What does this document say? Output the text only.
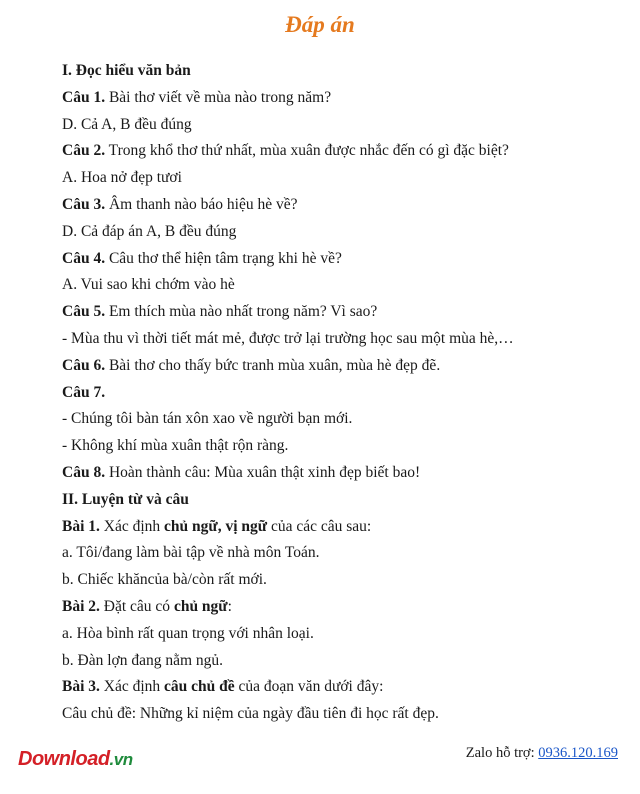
Đáp án
I. Đọc hiểu văn bản
Câu 1. Bài thơ viết về mùa nào trong năm?
D. Cả A, B đều đúng
Câu 2. Trong khổ thơ thứ nhất, mùa xuân được nhắc đến có gì đặc biệt?
A. Hoa nở đẹp tươi
Câu 3. Âm thanh nào báo hiệu hè về?
D. Cả đáp án A, B đều đúng
Câu 4. Câu thơ thể hiện tâm trạng khi hè về?
A. Vui sao khi chớm vào hè
Câu 5. Em thích mùa nào nhất trong năm? Vì sao?
- Mùa thu vì thời tiết mát mẻ, được trở lại trường học sau một mùa hè,…
Câu 6. Bài thơ cho thấy bức tranh mùa xuân, mùa hè đẹp đẽ.
Câu 7.
- Chúng tôi bàn tán xôn xao về người bạn mới.
- Không khí mùa xuân thật rộn ràng.
Câu 8. Hoàn thành câu: Mùa xuân thật xinh đẹp biết bao!
II. Luyện từ và câu
Bài 1. Xác định chủ ngữ, vị ngữ của các câu sau:
a. Tôi/đang làm bài tập về nhà môn Toán.
b. Chiếc khăncủa bà/còn rất mới.
Bài 2. Đặt câu có chủ ngữ:
a. Hòa bình rất quan trọng với nhân loại.
b. Đàn lợn đang nằm ngủ.
Bài 3. Xác định câu chủ đề của đoạn văn dưới đây:
Câu chủ đề: Những kỉ niệm của ngày đầu tiên đi học rất đẹp.
Download.vn	Zalo hỗ trợ: 0936.120.169
